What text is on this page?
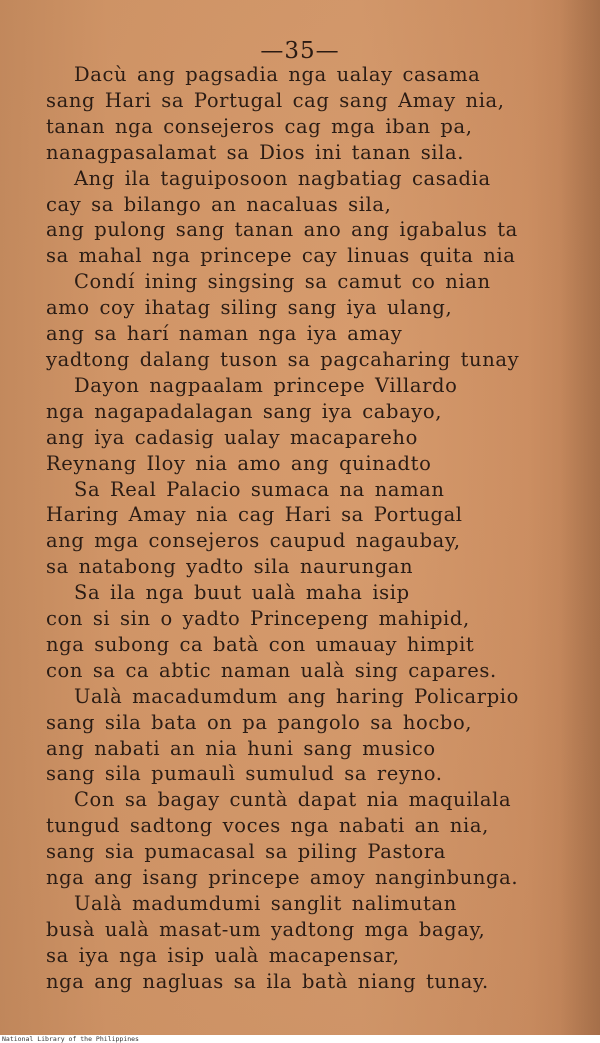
—35—
Dacù ang pagsadia nga ualay casama
sang Hari sa Portugal cag sang Amay nia,
tanan nga consejeros cag mga iban pa,
nanagpasalamat sa Dios ini tanan sila.
Ang ila taguiposoon nagbatiag casadia
cay sa bilango an nacaluas sila,
ang pulong sang tanan ano ang igabalus ta
sa mahal nga princepe cay linuas quita nia
Condí ining singsing sa camut co nian
amo coy ihatag siling sang iya ulang,
ang sa harí naman nga iya amay
yadtong dalang tuson sa pagcaharing tunay
Dayon nagpaalam princepe Villardo
nga nagapadalagan sang iya cabayo,
ang iya cadasig ualay macapareho
Reynang Iloy nia amo ang quinadto
Sa Real Palacio sumaca na naman
Haring Amay nia cag Hari sa Portugal
ang mga consejeros caupud nagaubay,
sa natabong yadto sila naurungan
Sa ila nga buut ualà maha isip
con si sin o yadto Princepeng mahipid,
nga subong ca batà con umauay himpit
con sa ca abtic naman ualà sing capares.
Ualà macadumdum ang haring Policarpio
sang sila bata on pa pangolo sa hocbo,
ang nabati an nia huni sang musico
sang sila pumaulì sumulud sa reyno.
Con sa bagay cuntà dapat nia maquilala
tungud sadtong voces nga nabati an nia,
sang sia pumacasal sa piling Pastora
nga ang isang princepe amoy nanginbunga.
Ualà madumdumi sanglit nalimutan
busà ualà masat-um yadtong mga bagay,
sa iya nga isip ualà macapensar,
nga ang nagluas sa ila batà niang tunay.
National Library of the Philippines
